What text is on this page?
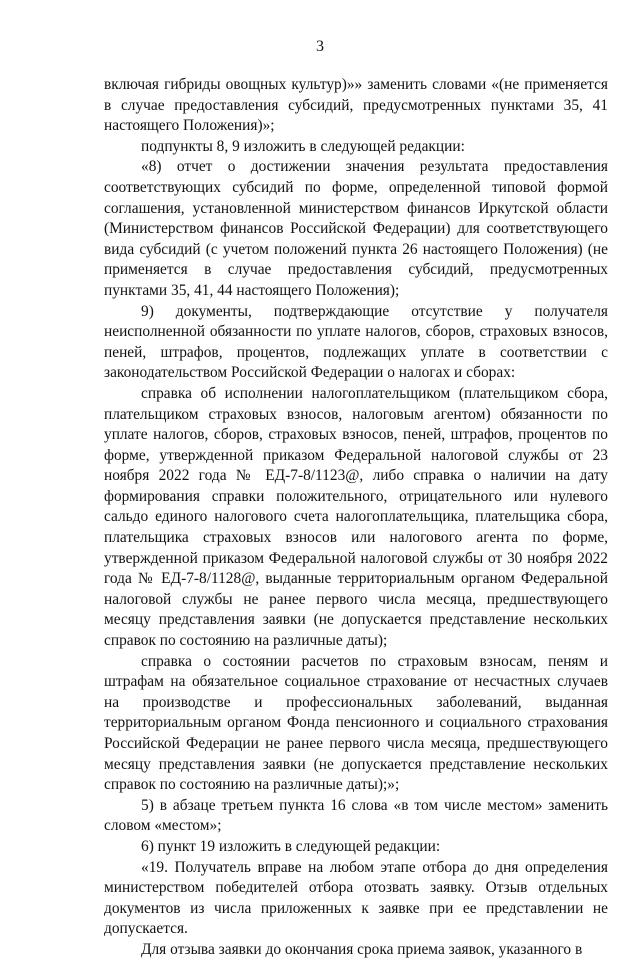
3

включая гибриды овощных культур)»» заменить словами «(не применяется в случае предоставления субсидий, предусмотренных пунктами 35, 41 настоящего Положения)»;

подпункты 8, 9 изложить в следующей редакции:

«8) отчет о достижении значения результата предоставления соответствующих субсидий по форме, определенной типовой формой соглашения, установленной министерством финансов Иркутской области (Министерством финансов Российской Федерации) для соответствующего вида субсидий (с учетом положений пункта 26 настоящего Положения) (не применяется в случае предоставления субсидий, предусмотренных пунктами 35, 41, 44 настоящего Положения);

9) документы, подтверждающие отсутствие у получателя неисполненной обязанности по уплате налогов, сборов, страховых взносов, пеней, штрафов, процентов, подлежащих уплате в соответствии с законодательством Российской Федерации о налогах и сборах:

справка об исполнении налогоплательщиком (плательщиком сбора, плательщиком страховых взносов, налоговым агентом) обязанности по уплате налогов, сборов, страховых взносов, пеней, штрафов, процентов по форме, утвержденной приказом Федеральной налоговой службы от 23 ноября 2022 года № ЕД-7-8/1123@, либо справка о наличии на дату формирования справки положительного, отрицательного или нулевого сальдо единого налогового счета налогоплательщика, плательщика сбора, плательщика страховых взносов или налогового агента по форме, утвержденной приказом Федеральной налоговой службы от 30 ноября 2022 года № ЕД-7-8/1128@, выданные территориальным органом Федеральной налоговой службы не ранее первого числа месяца, предшествующего месяцу представления заявки (не допускается представление нескольких справок по состоянию на различные даты);

справка о состоянии расчетов по страховым взносам, пеням и штрафам на обязательное социальное страхование от несчастных случаев на производстве и профессиональных заболеваний, выданная территориальным органом Фонда пенсионного и социального страхования Российской Федерации не ранее первого числа месяца, предшествующего месяцу представления заявки (не допускается представление нескольких справок по состоянию на различные даты);»;

5) в абзаце третьем пункта 16 слова «в том числе местом» заменить словом «местом»;

6) пункт 19 изложить в следующей редакции:

«19. Получатель вправе на любом этапе отбора до дня определения министерством победителей отбора отозвать заявку. Отзыв отдельных документов из числа приложенных к заявке при ее представлении не допускается.

Для отзыва заявки до окончания срока приема заявок, указанного в
